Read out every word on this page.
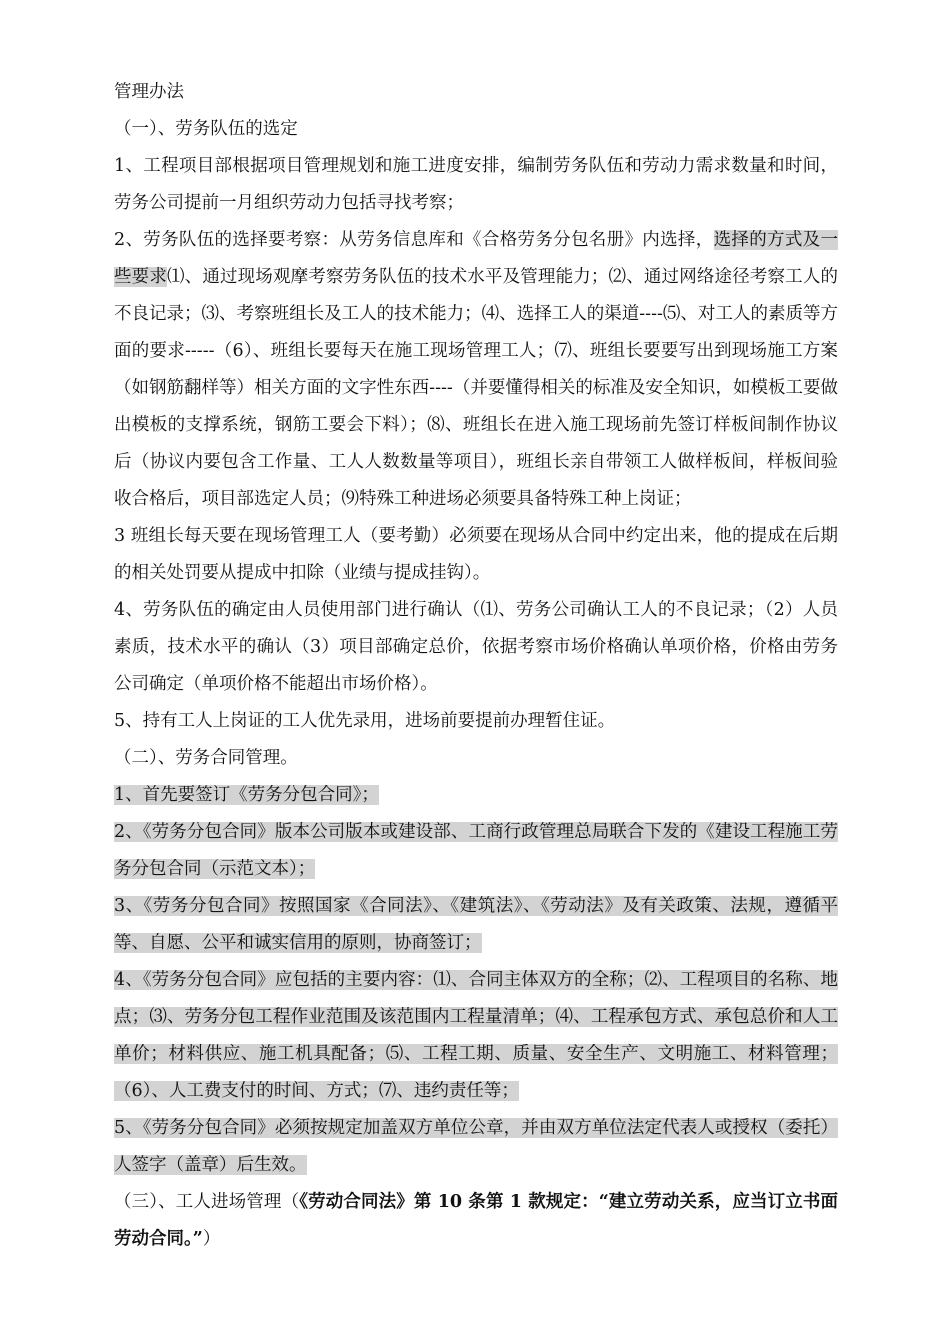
管理办法

（一）、劳务队伍的选定

1、工程项目部根据项目管理规划和施工进度安排，编制劳务队伍和劳动力需求数量和时间，劳务公司提前一月组织劳动力包括寻找考察；

2、劳务队伍的选择要考察：从劳务信息库和《合格劳务分包名册》内选择，选择的方式及一些要求⑴、通过现场观摩考察劳务队伍的技术水平及管理能力；⑵、通过网络途径考察工人的不良记录；⑶、考察班组长及工人的技术能力；⑷、选择工人的渠道----⑸、对工人的素质等方面的要求-----（6）、班组长要每天在施工现场管理工人；⑺、班组长要要写出到现场施工方案（如钢筋翻样等）相关方面的文字性东西----（并要懂得相关的标准及安全知识，如模板工要做出模板的支撑系统，钢筋工要会下料）；⑻、班组长在进入施工现场前先签订样板间制作协议后（协议内要包含工作量、工人人数数量等项目），班组长亲自带领工人做样板间，样板间验收合格后，项目部选定人员；⑼特殊工种进场必须要具备特殊工种上岗证；

3 班组长每天要在现场管理工人（要考勤）必须要在现场从合同中约定出来，他的提成在后期的相关处罚要从提成中扣除（业绩与提成挂钩）。

4、劳务队伍的确定由人员使用部门进行确认（⑴、劳务公司确认工人的不良记录；（2）人员素质，技术水平的确认（3）项目部确定总价，依据考察市场价格确认单项价格，价格由劳务公司确定（单项价格不能超出市场价格）。

5、持有工人上岗证的工人优先录用，进场前要提前办理暂住证。

（二）、劳务合同管理。

1、首先要签订《劳务分包合同》；

2、《劳务分包合同》版本公司版本或建设部、工商行政管理总局联合下发的《建设工程施工劳务分包合同（示范文本）；

3、《劳务分包合同》按照国家《合同法》、《建筑法》、《劳动法》及有关政策、法规，遵循平等、自愿、公平和诚实信用的原则，协商签订；

4、《劳务分包合同》应包括的主要内容：⑴、合同主体双方的全称；⑵、工程项目的名称、地点；⑶、劳务分包工程作业范围及该范围内工程量清单；⑷、工程承包方式、承包总价和人工单价；材料供应、施工机具配备；⑸、工程工期、质量、安全生产、文明施工、材料管理；（6）、人工费支付的时间、方式；⑺、违约责任等；

5、《劳务分包合同》必须按规定加盖双方单位公章，并由双方单位法定代表人或授权（委托）人签字（盖章）后生效。

（三）、工人进场管理（《劳动合同法》第 10 条第 1 款规定：“建立劳动关系，应当订立书面劳动合同。”）
